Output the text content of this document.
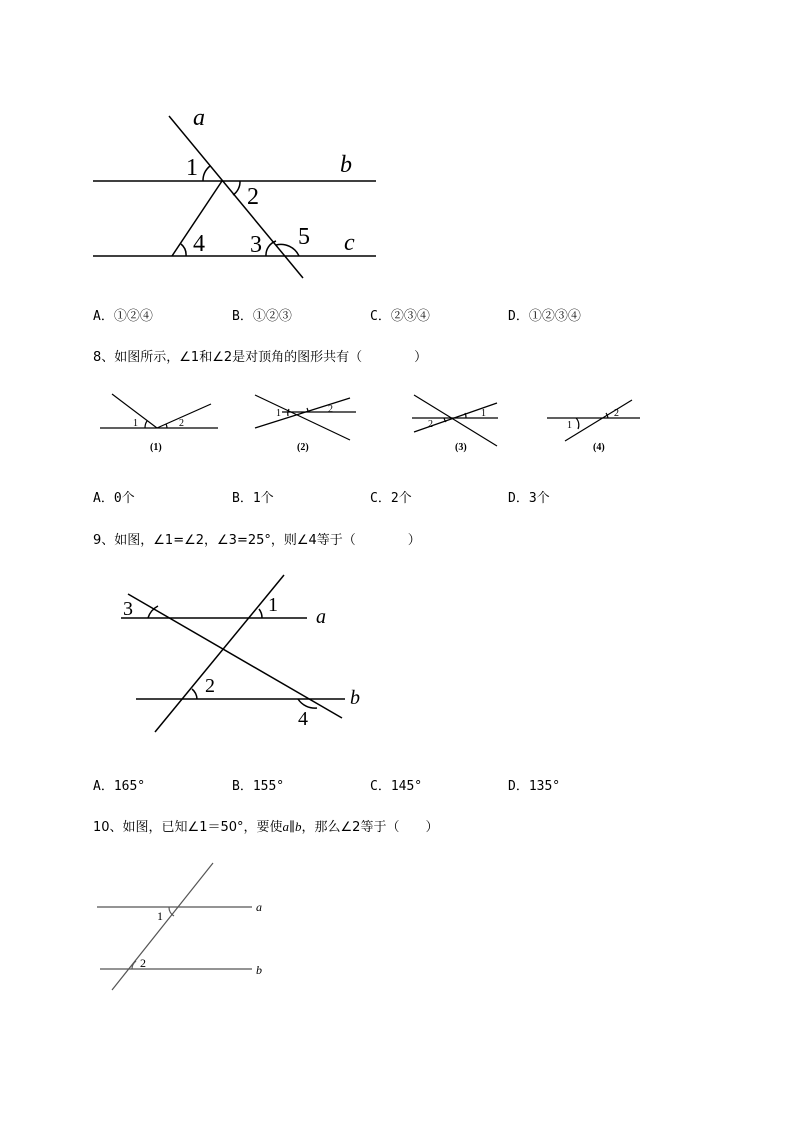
a
b
c
1
2
3
4	5
A．①②④	B．①②③	C．②③④	D．①②③④
8、如图所示，∠1和∠2是对顶角的图形共有（　　　　）
1	2
1	2
2
1
1
2
(1)	(2)	(3)	(4)
A．0个	B．1个	C．2个	D．3个
9、如图，∠1=∠2，∠3=25°，则∠4等于（　　　　）
a
b
1
2
3
4
A．165°	B．155°	C．145°	D．135°
10、如图，已知∠1＝50°，要使a∥b，那么∠2等于（　　）
a
b
1
2
